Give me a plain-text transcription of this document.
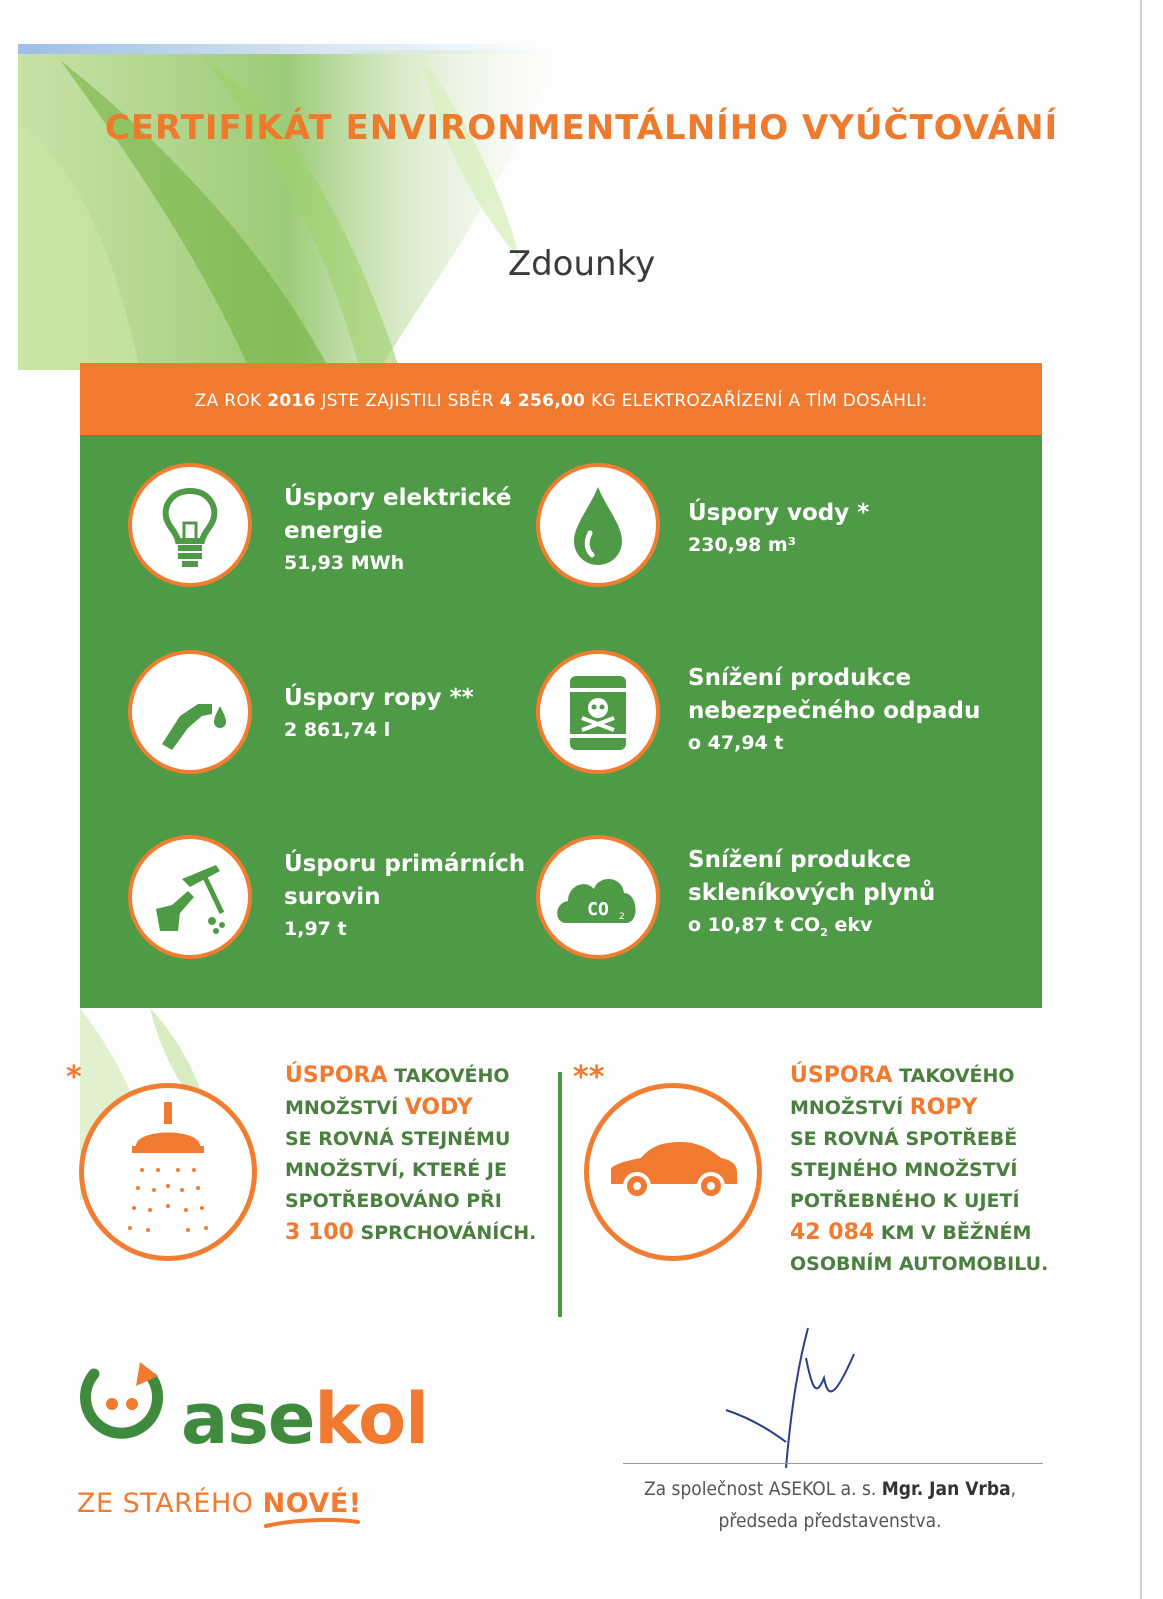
CERTIFIKÁT ENVIRONMENTÁLNÍHO VYÚČTOVÁNÍ
Zdounky
ZA ROK 2016 JSTE ZAJISTILI SBĚR 4 256,00 KG ELEKTROZAŘÍZENÍ A TÍM DOSÁHLI:
Úspory elektrické
energie
51,93 MWh
Úspory vody *
230,98 m³
Úspory ropy **
2 861,74 l
Snížení produkce
nebezpečného odpadu
o 47,94 t
Úsporu primárních
surovin
1,97 t
CO 2
Snížení produkce
skleníkových plynů
o 10,87 t $CO_2$ ekv
*	ÚSPORA TAKOVÉHO
MNOŽSTVÍ VODY
SE ROVNÁ STEJNÉMU
MNOŽSTVÍ, KTERÉ JE
SPOTŘEBOVÁNO PŘI
3 100 SPRCHOVÁNÍCH.
**	ÚSPORA TAKOVÉHO
MNOŽSTVÍ ROPY
SE ROVNÁ SPOTŘEBĚ
STEJNÉHO MNOŽSTVÍ
POTŘEBNÉHO K UJETÍ
42 084 KM V BĚŽNÉM
OSOBNÍM AUTOMOBILU.
asekol
ZE STARÉHO NOVÉ!	Za společnost ASEKOL a. s. Mgr. Jan Vrba,
předseda představenstva.
